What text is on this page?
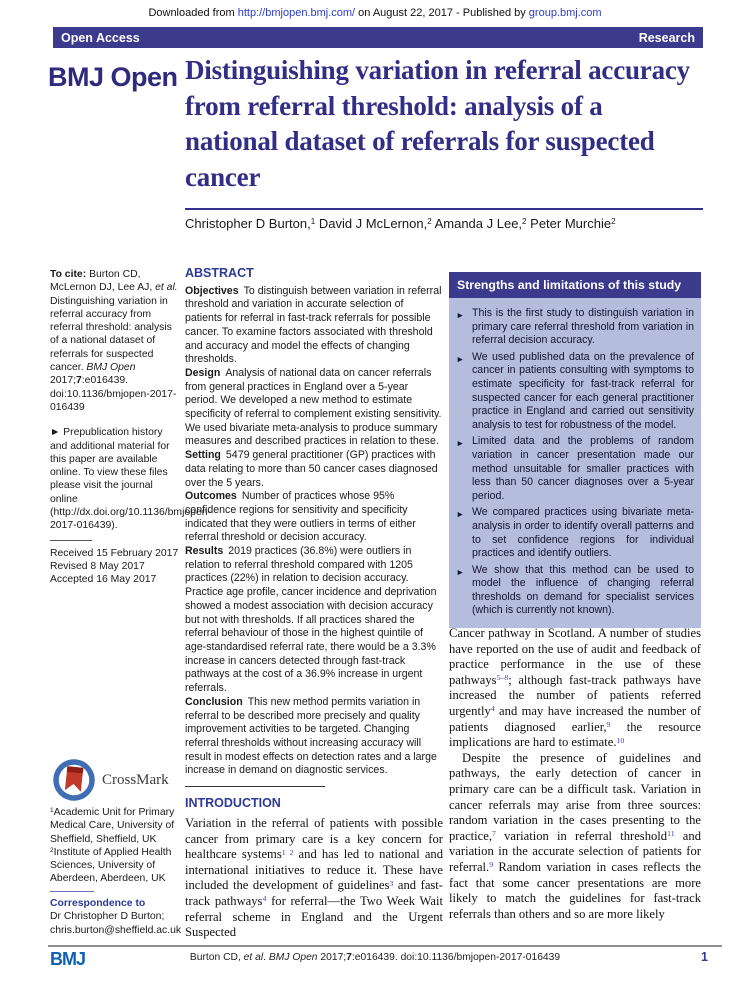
Downloaded from http://bmjopen.bmj.com/ on August 22, 2017 - Published by group.bmj.com
Open Access	Research
BMJ Open Distinguishing variation in referral accuracy from referral threshold: analysis of a national dataset of referrals for suspected cancer
Christopher D Burton,$^1$ David J McLernon,$^2$ Amanda J Lee,$^2$ Peter Murchie$^2$

To cite: Burton CD, McLernon DJ, Lee AJ, et al. Distinguishing variation in referral accuracy from referral threshold: analysis of a national dataset of referrals for suspected cancer. BMJ Open 2017;7:e016439. doi:10.1136/bmjopen-2017-016439

► Prepublication history and additional material for this paper are available online. To view these files please visit the journal online (http://dx.doi.org/10.1136/bmjopen-2017-016439).

Received 15 February 2017

Revised 8 May 2017

Accepted 16 May 2017

CrossMark

$^1$Academic Unit for Primary Medical Care, University of Sheffield, Sheffield, UK

$^2$Institute of Applied Health Sciences, University of Aberdeen, Aberdeen, UK

Correspondence to

Dr Christopher D Burton;  chris.burton@sheffield.ac.uk

ABSTRACT

Objectives To distinguish between variation in referral threshold and variation in accurate selection of patients for referral in fast-track referrals for possible cancer. To examine factors associated with threshold and accuracy and model the effects of changing thresholds.

Design Analysis of national data on cancer referrals from general practices in England over a 5-year period. We developed a new method to estimate specificity of referral to complement existing sensitivity. We used bivariate meta-analysis to produce summary measures and described practices in relation to these.

Setting 5479 general practitioner (GP) practices with data relating to more than 50 cancer cases diagnosed over the 5 years.

Outcomes Number of practices whose 95% confidence regions for sensitivity and specificity indicated that they were outliers in terms of either referral threshold or decision accuracy.

Results 2019 practices (36.8%) were outliers in relation to referral threshold compared with 1205 practices (22%) in relation to decision accuracy. Practice age profile, cancer incidence and deprivation showed a modest association with decision accuracy but not with thresholds. If all practices shared the referral behaviour of those in the highest quintile of age-standardised referral rate, there would be a 3.3% increase in cancers detected through fast-track pathways at the cost of a 36.9% increase in urgent referrals.

Conclusion This new method permits variation in referral to be described more precisely and quality improvement activities to be targeted. Changing referral thresholds without increasing accuracy will result in modest effects on detection rates and a large increase in demand on diagnostic services.

INTRODUCTION

Variation in the referral of patients with possible cancer from primary care is a key concern for healthcare systems$^{1 2}$ and has led to national and international initiatives to reduce it. These have included the development of guidelines$^3$ and fast-track pathways$^4$ for referral—the Two Week Wait referral scheme in England and the Urgent Suspected

Strengths and limitations of this study
► This is the first study to distinguish variation in primary care referral threshold from variation in referral decision accuracy.
► We used published data on the prevalence of cancer in patients consulting with symptoms to estimate specificity for fast-track referral for suspected cancer for each general practitioner practice in England and carried out sensitivity analysis to test for robustness of the model.
► Limited data and the problems of random variation in cancer presentation made our method unsuitable for smaller practices with less than 50 cancer diagnoses over a 5-year period.
► We compared practices using bivariate meta-analysis in order to identify overall patterns and to set confidence regions for individual practices and identify outliers.
► We show that this method can be used to model the influence of changing referral thresholds on demand for specialist services (which is currently not known).

Cancer pathway in Scotland. A number of studies have reported on the use of audit and feedback of practice performance in the use of these pathways$^{5-8}$; although fast-track pathways have increased the number of patients referred urgently$^4$ and may have increased the number of patients diagnosed earlier,$^9$ the resource implications are hard to estimate.$^{10}$

Despite the presence of guidelines and pathways, the early detection of cancer in primary care can be a difficult task. Variation in cancer referrals may arise from three sources: random variation in the cases presenting to the practice,$^7$ variation in referral threshold$^{11}$ and variation in the accurate selection of patients for referral.$^9$ Random variation in cases reflects the fact that some cancer presentations are more likely to match the guidelines for fast-track referrals than others and so are more likely

BMJ	Burton CD, et al. BMJ Open 2017;7:e016439. doi:10.1136/bmjopen-2017-016439	1
